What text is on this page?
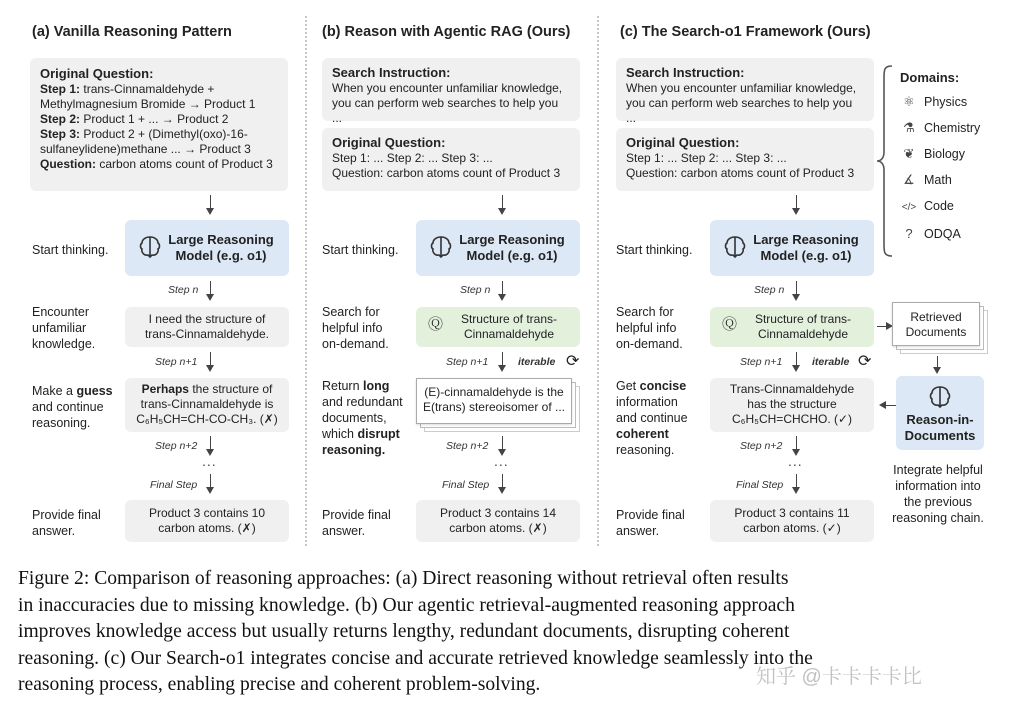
(a) Vanilla Reasoning Pattern	(b) Reason with Agentic RAG (Ours)	(c) The Search-o1 Framework (Ours)
Original Question:
Step 1: trans-Cinnamaldehyde +
Methylmagnesium Bromide → Product 1
Step 2: Product 1 + ... → Product 2
Step 3: Product 2 + (Dimethyl(oxo)-16-
sulfaneylidene)methane ... → Product 3
Question: carbon atoms count of Product 3
Start thinking.
Large Reasoning
Model (e.g. o1)
Step n
Encounter
unfamiliar
knowledge.
I need the structure of
trans-Cinnamaldehyde.
Step n+1
Make a guess
and continue
reasoning.
Perhaps the structure of
trans-Cinnamaldehyde is
C₆H₅CH=CH-CO-CH₃. (✗)
Step n+2
...
Final Step
Provide final
answer.
Product 3 contains 10
carbon atoms. (✗)
Search Instruction:
When you encounter unfamiliar knowledge,
you can perform web searches to help you ...
Original Question:
Step 1: ... Step 2: ... Step 3: ...
Question: carbon atoms count of Product 3
Start thinking.
Large Reasoning
Model (e.g. o1)
Step n
Search for
helpful info
on-demand.
Ⓠ	Structure of trans-
Cinnamaldehyde
Step n+1	iterable ⟳
Return long
and redundant
documents,
which disrupt
reasoning.
(E)-cinnamaldehyde is the
E(trans) stereoisomer of ...
Step n+2
...
Final Step
Provide final
answer.
Product 3 contains 14
carbon atoms. (✗)
Search Instruction:
When you encounter unfamiliar knowledge,
you can perform web searches to help you ...
Original Question:
Step 1: ... Step 2: ... Step 3: ...
Question: carbon atoms count of Product 3
Domains:
⚛ Physics
⚗ Chemistry
❦ Biology
∡ Math
</> Code
? ODQA
Start thinking.
Large Reasoning
Model (e.g. o1)
Step n
Search for
helpful info
on-demand.
Ⓠ	Structure of trans-
Cinnamaldehyde
Retrieved
Documents
Step n+1	iterable ⟳
Get concise
information
and continue
coherent
reasoning.
Trans-Cinnamaldehyde
has the structure
C₆H₅CH=CHCHO. (✓)	Reason-in-
Documents
Integrate helpful
information into
the previous
reasoning chain.
Step n+2
...
Final Step
Provide final
answer.
Product 3 contains 11
carbon atoms. (✓)
Figure 2: Comparison of reasoning approaches: (a) Direct reasoning without retrieval often results
in inaccuracies due to missing knowledge. (b) Our agentic retrieval-augmented reasoning approach
improves knowledge access but usually returns lengthy, redundant documents, disrupting coherent
reasoning. (c) Our Search-o1 integrates concise and accurate retrieved knowledge seamlessly into the
reasoning process, enabling precise and coherent problem-solving.	知乎 @卡卡卡卡比
